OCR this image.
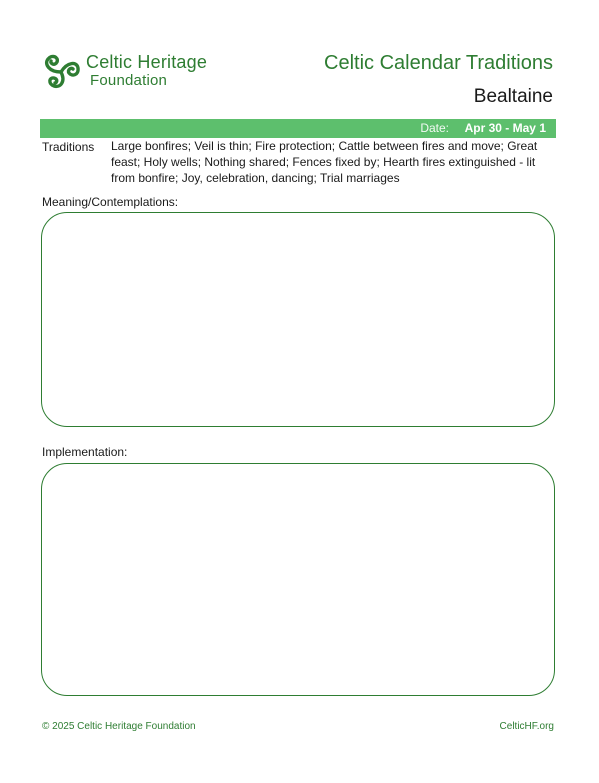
Celtic Heritage
Foundation
Celtic Calendar Traditions
Bealtaine
Date: Apr 30 - May 1
Traditions Large bonfires; Veil is thin; Fire protection; Cattle between fires and move; Great feast; Holy wells; Nothing shared; Fences fixed by; Hearth fires extinguished - lit from bonfire; Joy, celebration, dancing; Trial marriages
Meaning/Contemplations:
Implementation:
© 2025 Celtic Heritage Foundation	CelticHF.org
